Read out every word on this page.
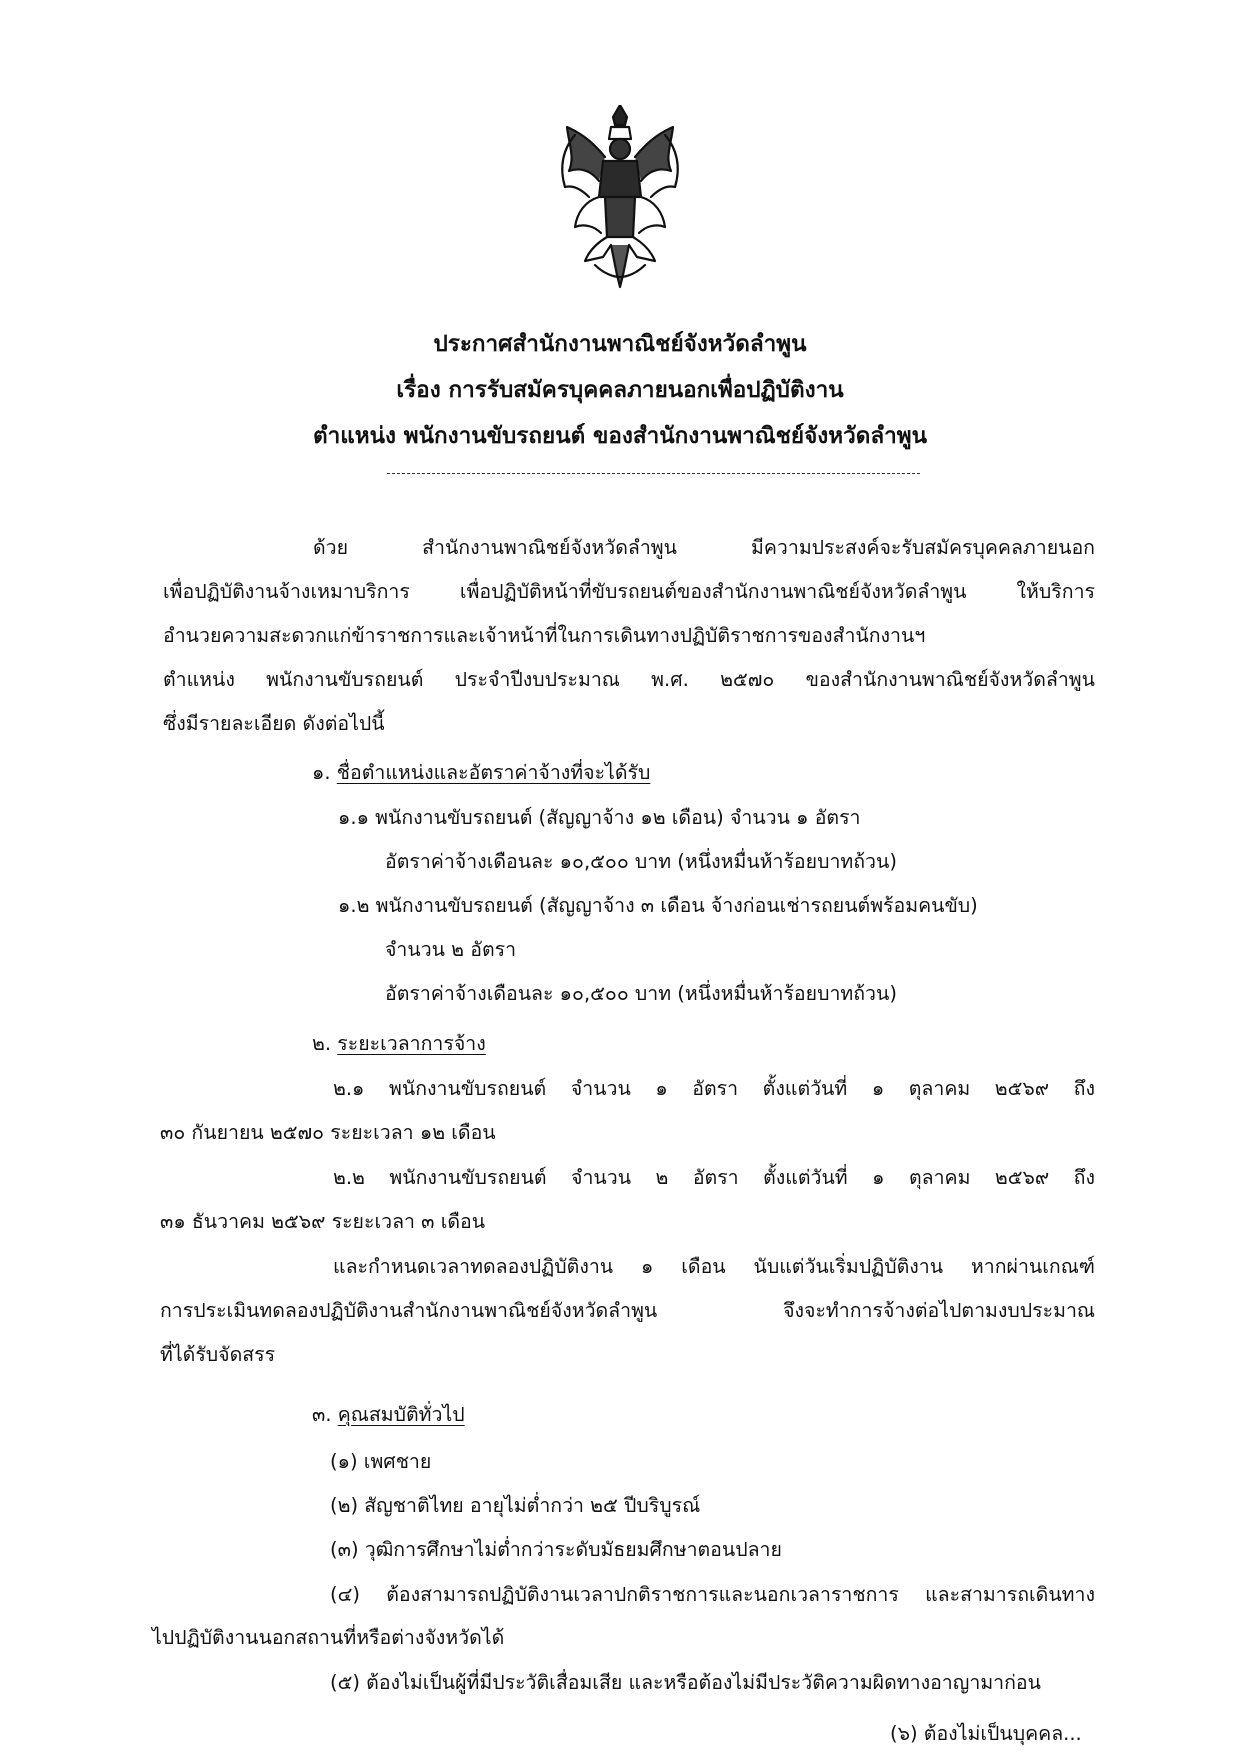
ประกาศสำนักงานพาณิชย์จังหวัดลำพูน
เรื่อง การรับสมัครบุคคลภายนอกเพื่อปฏิบัติงาน
ตำแหน่ง พนักงานขับรถยนต์ ของสำนักงานพาณิชย์จังหวัดลำพูน
ด้วย สำนักงานพาณิชย์จังหวัดลำพูน มีความประสงค์จะรับสมัครบุคคลภายนอก
เพื่อปฏิบัติงานจ้างเหมาบริการ เพื่อปฏิบัติหน้าที่ขับรถยนต์ของสำนักงานพาณิชย์จังหวัดลำพูน ให้บริการ
อำนวยความสะดวกแก่ข้าราชการและเจ้าหน้าที่ในการเดินทางปฏิบัติราชการของสำนักงานฯ
ตำแหน่ง พนักงานขับรถยนต์ ประจำปีงบประมาณ พ.ศ. ๒๕๗๐ ของสำนักงานพาณิชย์จังหวัดลำพูน
ซึ่งมีรายละเอียด ดังต่อไปนี้
๑. ชื่อตำแหน่งและอัตราค่าจ้างที่จะได้รับ
๑.๑ พนักงานขับรถยนต์ (สัญญาจ้าง ๑๒ เดือน) จำนวน ๑ อัตรา
อัตราค่าจ้างเดือนละ ๑๐,๕๐๐ บาท (หนึ่งหมื่นห้าร้อยบาทถ้วน)
๑.๒ พนักงานขับรถยนต์ (สัญญาจ้าง ๓ เดือน จ้างก่อนเช่ารถยนต์พร้อมคนขับ)
จำนวน ๒ อัตรา
อัตราค่าจ้างเดือนละ ๑๐,๕๐๐ บาท (หนึ่งหมื่นห้าร้อยบาทถ้วน)
๒. ระยะเวลาการจ้าง
๒.๑ พนักงานขับรถยนต์ จำนวน ๑ อัตรา ตั้งแต่วันที่ ๑ ตุลาคม ๒๕๖๙ ถึง
๓๐ กันยายน ๒๕๗๐ ระยะเวลา ๑๒ เดือน
๒.๒ พนักงานขับรถยนต์ จำนวน ๒ อัตรา ตั้งแต่วันที่ ๑ ตุลาคม ๒๕๖๙ ถึง
๓๑ ธันวาคม ๒๕๖๙ ระยะเวลา ๓ เดือน
และกำหนดเวลาทดลองปฏิบัติงาน ๑ เดือน นับแต่วันเริ่มปฏิบัติงาน หากผ่านเกณฑ์
การประเมินทดลองปฏิบัติงานสำนักงานพาณิชย์จังหวัดลำพูน จึงจะทำการจ้างต่อไปตามงบประมาณ
ที่ได้รับจัดสรร
๓. คุณสมบัติทั่วไป
(๑) เพศชาย
(๒) สัญชาติไทย อายุไม่ต่ำกว่า ๒๕ ปีบริบูรณ์
(๓) วุฒิการศึกษาไม่ต่ำกว่าระดับมัธยมศึกษาตอนปลาย
(๔) ต้องสามารถปฏิบัติงานเวลาปกติราชการและนอกเวลาราชการ และสามารถเดินทาง
ไปปฏิบัติงานนอกสถานที่หรือต่างจังหวัดได้
(๕) ต้องไม่เป็นผู้ที่มีประวัติเสื่อมเสีย และหรือต้องไม่มีประวัติความผิดทางอาญามาก่อน
(๖) ต้องไม่เป็นบุคคล...
